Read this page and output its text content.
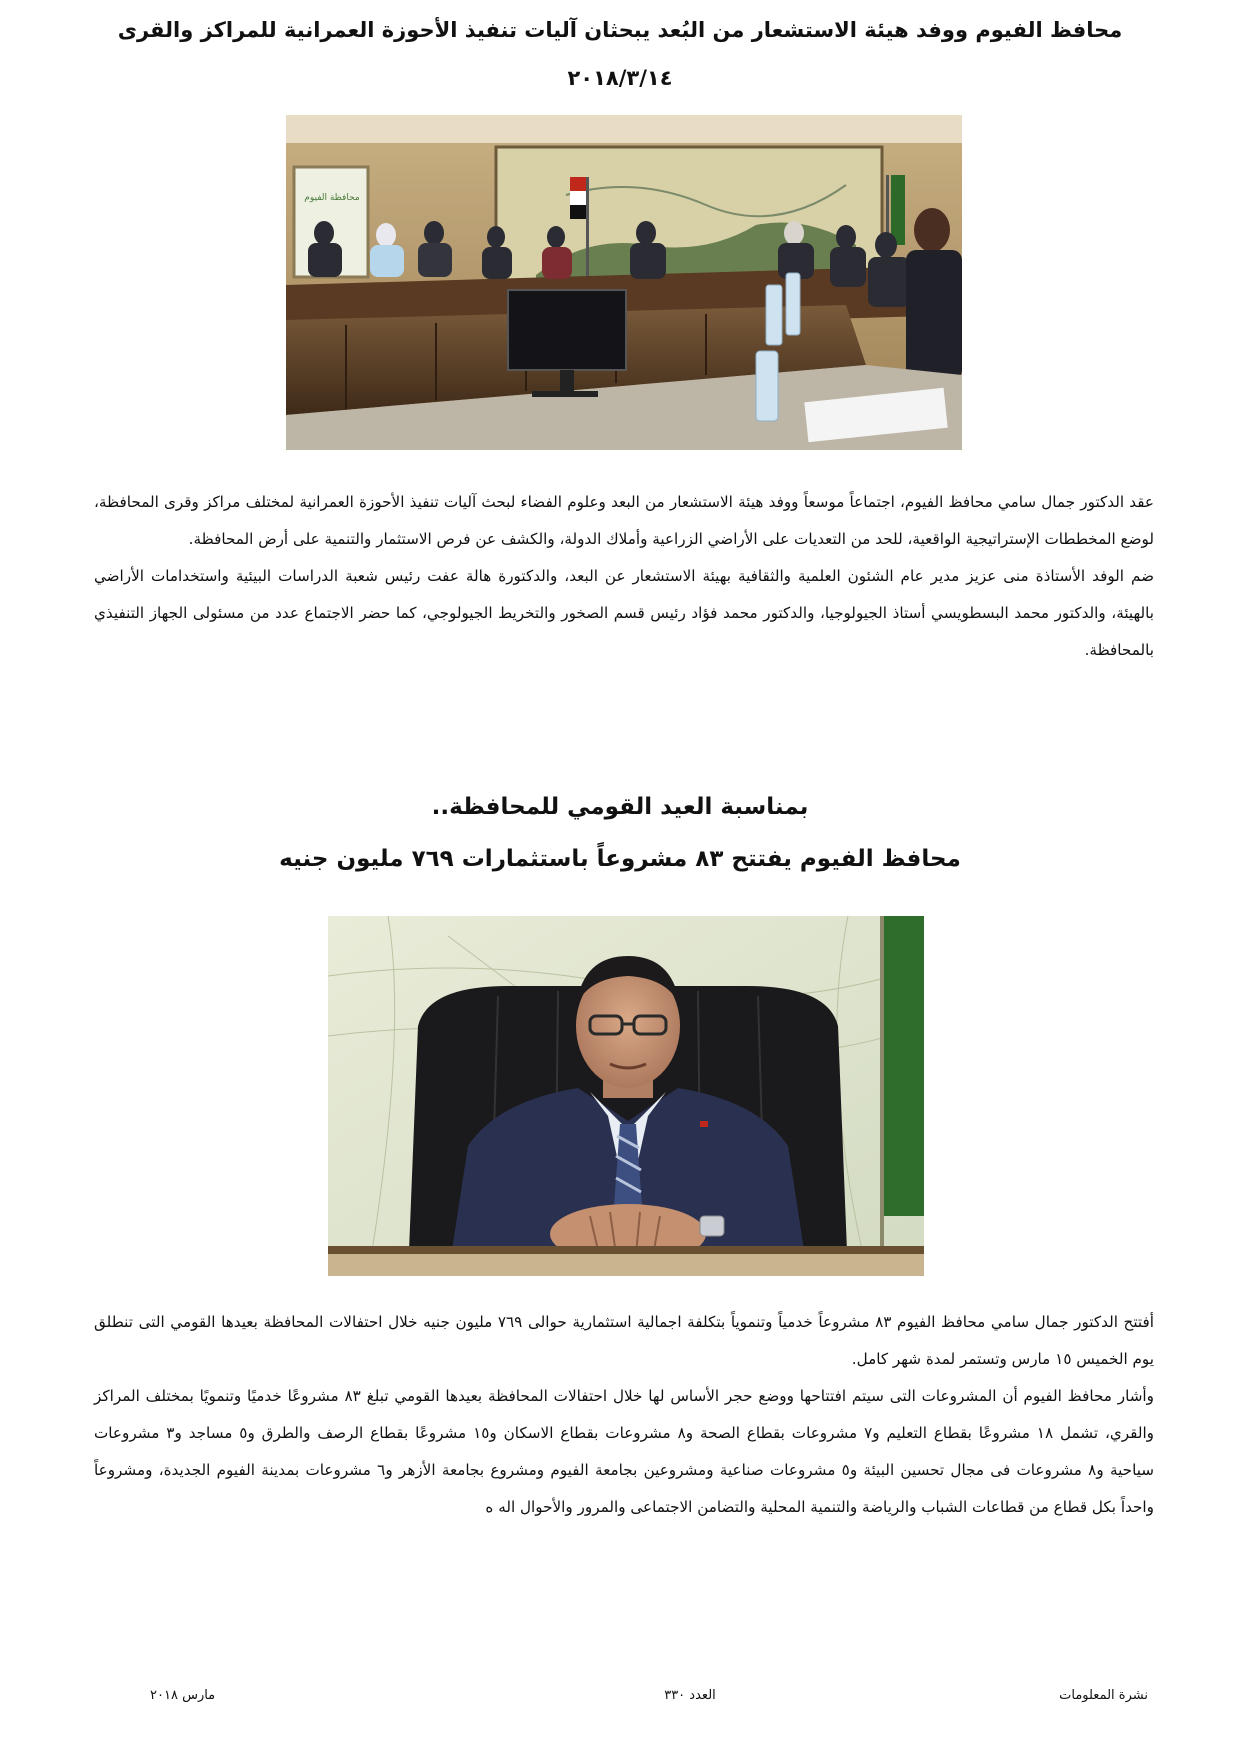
محافظ الفيوم ووفد هيئة الاستشعار من البُعد يبحثان آليات تنفيذ الأحوزة العمرانية للمراكز والقرى
٢٠١٨/٣/١٤
محافظة الفيوم

عقد الدكتور جمال سامي محافظ الفيوم، اجتماعاً موسعاً ووفد هيئة الاستشعار من البعد وعلوم الفضاء لبحث آليات تنفيذ الأحوزة العمرانية لمختلف مراكز وقرى المحافظة، لوضع المخططات الإستراتيجية الواقعية، للحد من التعديات على الأراضي الزراعية وأملاك الدولة، والكشف عن فرص الاستثمار والتنمية على أرض المحافظة.

ضم الوفد الأستاذة منى عزيز مدير عام الشئون العلمية والثقافية بهيئة الاستشعار عن البعد، والدكتورة هالة عفت رئيس شعبة الدراسات البيئية واستخدامات الأراضي بالهيئة، والدكتور محمد البسطويسي أستاذ الجيولوجيا، والدكتور محمد فؤاد رئيس قسم الصخور والتخريط الجيولوجي، كما حضر الاجتماع عدد من مسئولى الجهاز التنفيذي بالمحافظة.

بمناسبة العيد القومي للمحافظة..
محافظ الفيوم يفتتح ٨٣ مشروعاً باستثمارات ٧٦٩ مليون جنيه

أفتتح الدكتور جمال سامي محافظ الفيوم ٨٣ مشروعاً خدمياً وتنموياً بتكلفة اجمالية استثمارية حوالى ٧٦٩ مليون جنيه خلال احتفالات المحافظة بعيدها القومي التى تنطلق يوم الخميس ١٥ مارس وتستمر لمدة شهر كامل.

وأشار محافظ الفيوم أن المشروعات التى سيتم افتتاحها ووضع حجر الأساس لها خلال احتفالات المحافظة بعيدها القومي تبلغ ٨٣ مشروعًا خدميًا وتنمويًا بمختلف المراكز والقري، تشمل ١٨ مشروعًا بقطاع التعليم و٧ مشروعات بقطاع الصحة و٨ مشروعات بقطاع الاسكان و١٥ مشروعًا بقطاع الرصف والطرق و٥ مساجد و٣ مشروعات سياحية و٨ مشروعات فى مجال تحسين البيئة و٥ مشروعات صناعية ومشروعين بجامعة الفيوم ومشروع بجامعة الأزهر و٦ مشروعات بمدينة الفيوم الجديدة، ومشروعاً واحداً بكل قطاع من قطاعات الشباب والرياضة والتنمية المحلية والتضامن الاجتماعى والمرور والأحوال اله ه

نشرة المعلومات
العدد ٣٣٠
مارس ٢٠١٨
